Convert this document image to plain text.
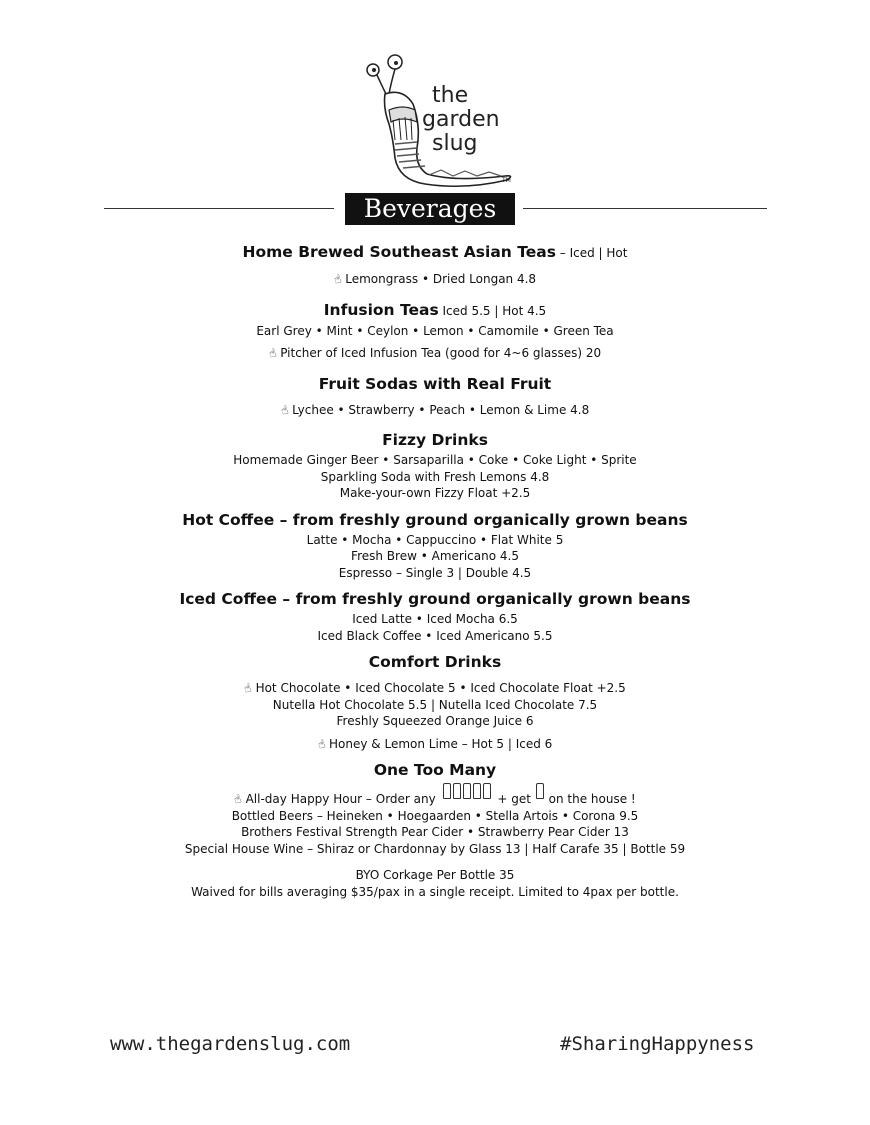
the
garden
slug
TM
Beverages
Home Brewed Southeast Asian Teas – Iced | Hot
☝ Lemongrass • Dried Longan 4.8
Infusion Teas Iced 5.5 | Hot 4.5
Earl Grey • Mint • Ceylon • Lemon • Camomile • Green Tea
☝ Pitcher of Iced Infusion Tea (good for 4~6 glasses) 20
Fruit Sodas with Real Fruit
☝ Lychee • Strawberry • Peach • Lemon & Lime 4.8
Fizzy Drinks
Homemade Ginger Beer • Sarsaparilla • Coke • Coke Light • Sprite
Sparkling Soda with Fresh Lemons 4.8
Make-your-own Fizzy Float +2.5
Hot Coffee – from freshly ground organically grown beans
Latte • Mocha • Cappuccino • Flat White 5
Fresh Brew • Americano 4.5
Espresso – Single 3 | Double 4.5
Iced Coffee – from freshly ground organically grown beans
Iced Latte • Iced Mocha 6.5
Iced Black Coffee • Iced Americano 5.5
Comfort Drinks
☝ Hot Chocolate • Iced Chocolate 5 • Iced Chocolate Float +2.5
Nutella Hot Chocolate 5.5 | Nutella Iced Chocolate 7.5
Freshly Squeezed Orange Juice 6
☝ Honey & Lemon Lime – Hot 5 | Iced 6
One Too Many
☝ All-day Happy Hour – Order any	+ get on the house !
Bottled Beers – Heineken • Hoegaarden • Stella Artois • Corona 9.5
Brothers Festival Strength Pear Cider • Strawberry Pear Cider 13
Special House Wine – Shiraz or Chardonnay by Glass 13 | Half Carafe 35 | Bottle 59
BYO Corkage Per Bottle 35
Waived for bills averaging $35/pax in a single receipt. Limited to 4pax per bottle.
www.thegardenslug.com	#SharingHappyness
